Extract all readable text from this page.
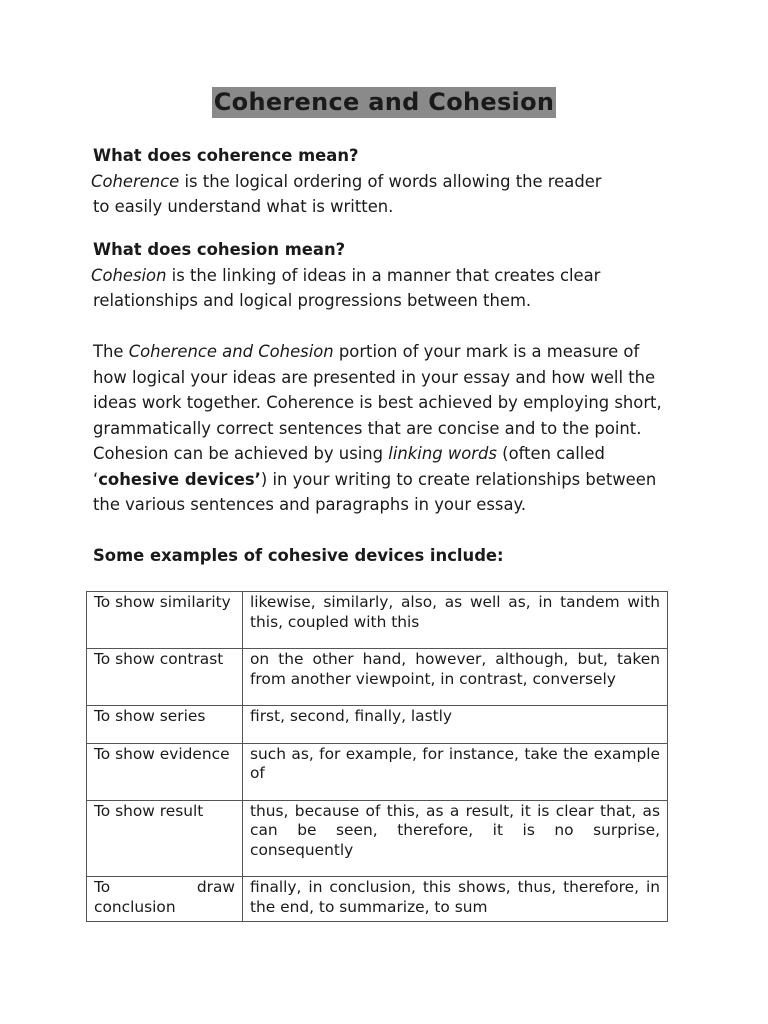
Coherence and Cohesion
What does coherence mean?
Coherence is the logical ordering of words allowing the reader
to easily understand what is written.
What does cohesion mean?
Cohesion is the linking of ideas in a manner that creates clear
relationships and logical progressions between them.
The Coherence and Cohesion portion of your mark is a measure of how logical your ideas are presented in your essay and how well the ideas work together. Coherence is best achieved by employing short, grammatically correct sentences that are concise and to the point. Cohesion can be achieved by using linking words (often called ‘cohesive devices’) in your writing to create relationships between the various sentences and paragraphs in your essay.
Some examples of cohesive devices include:
To show similarity	likewise, similarly, also, as well as, in tandem with this, coupled with this
To show contrast	on the other hand, however, although, but, taken from another viewpoint, in contrast, conversely
To show series	first, second, finally, lastly
To show evidence	such as, for example, for instance, take the example of
To show result	thus, because of this, as a result, it is clear that, as can be seen, therefore, it is no surprise, consequently
To draw conclusion	finally, in conclusion, this shows, thus, therefore, in the end, to summarize, to sum
